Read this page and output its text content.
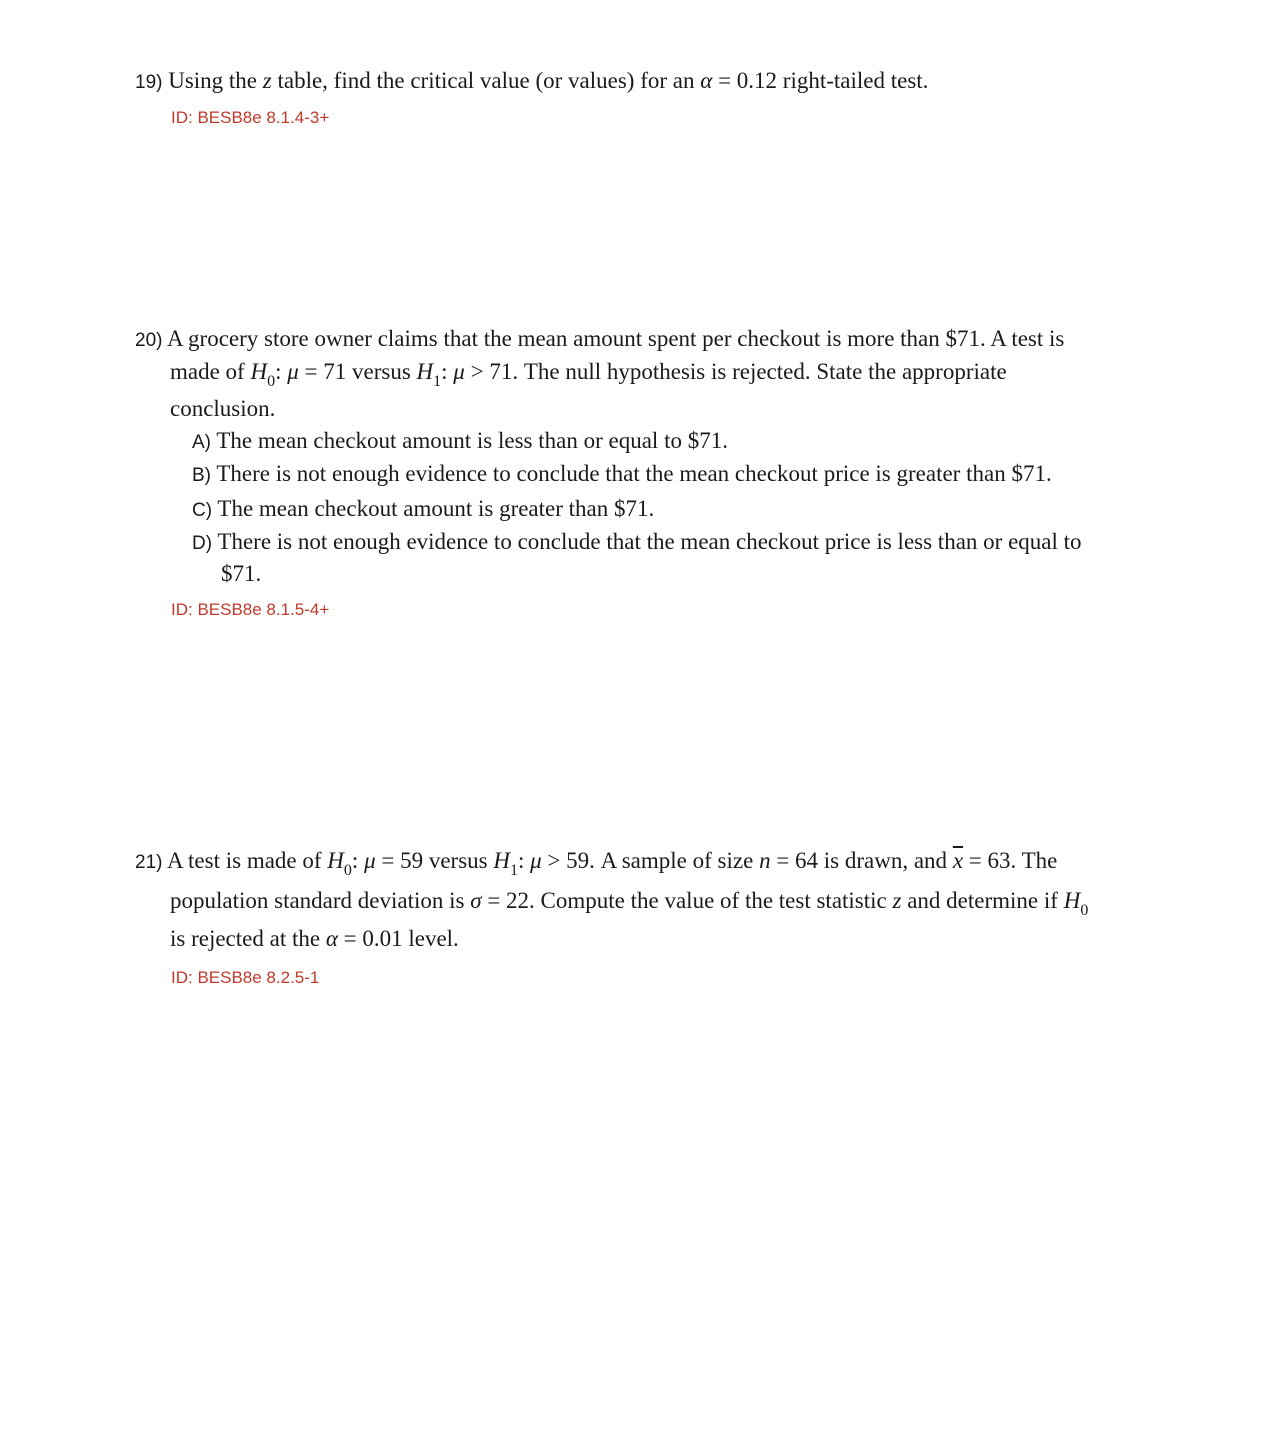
19) Using the z table, find the critical value (or values) for an α = 0.12 right-tailed test.
ID: BESB8e 8.1.4-3+
20) A grocery store owner claims that the mean amount spent per checkout is more than $71. A test is
made of $H_0$: μ = 71 versus $H_1$: μ > 71. The null hypothesis is rejected. State the appropriate
conclusion.
A) The mean checkout amount is less than or equal to $71.
B) There is not enough evidence to conclude that the mean checkout price is greater than $71.
C) The mean checkout amount is greater than $71.
D) There is not enough evidence to conclude that the mean checkout price is less than or equal to
$71.
ID: BESB8e 8.1.5-4+
21) A test is made of $H_0$: μ = 59 versus $H_1$: μ > 59. A sample of size n = 64 is drawn, and $\overline{x} = 63$. The
population standard deviation is σ = 22. Compute the value of the test statistic z and determine if $H_0$
is rejected at the α = 0.01 level.
ID: BESB8e 8.2.5-1
